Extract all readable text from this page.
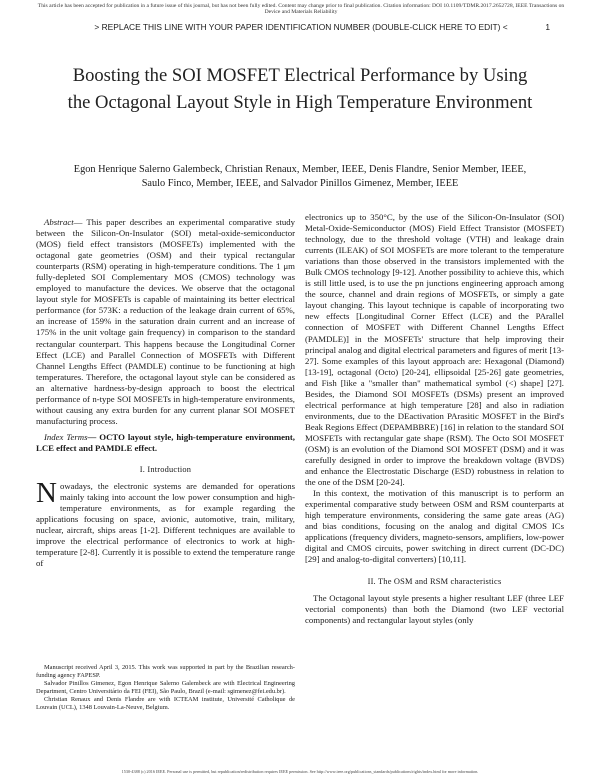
This article has been accepted for publication in a future issue of this journal, but has not been fully edited. Content may change prior to final publication. Citation information: DOI 10.1109/TDMR.2017.2652728, IEEE Transactions on Device and Materials Reliability
> REPLACE THIS LINE WITH YOUR PAPER IDENTIFICATION NUMBER (DOUBLE-CLICK HERE TO EDIT) <	1
Boosting the SOI MOSFET Electrical Performance by Using the Octagonal Layout Style in High Temperature Environment
Egon Henrique Salerno Galembeck, Christian Renaux, Member, IEEE, Denis Flandre, Senior Member, IEEE, Saulo Finco, Member, IEEE, and Salvador Pinillos Gimenez, Member, IEEE

Abstract— This paper describes an experimental comparative study between the Silicon-On-Insulator (SOI) metal-oxide-semiconductor (MOS) field effect transistors (MOSFETs) implemented with the octagonal gate geometries (OSM) and their typical rectangular counterparts (RSM) operating in high-temperature conditions. The 1 μm fully-depleted SOI Complementary MOS (CMOS) technology was employed to manufacture the devices. We observe that the octagonal layout style for MOSFETs is capable of maintaining its better electrical performance (for 573K: a reduction of the leakage drain current of 65%, an increase of 159% in the saturation drain current and an increase of 175% in the unit voltage gain frequency) in comparison to the standard rectangular counterpart. This happens because the Longitudinal Corner Effect (LCE) and Parallel Connection of MOSFETs with Different Channel Lengths Effect (PAMDLE) continue to be functioning at high temperatures. Therefore, the octagonal layout style can be considered as an alternative hardness-by-design approach to boost the electrical performance of n-type SOI MOSFETs in high-temperature environments, without causing any extra burden for any current planar SOI MOSFET manufacturing process.

Index Terms— OCTO layout style, high-temperature environment, LCE effect and PAMDLE effect.

I. Introduction

Nowadays, the electronic systems are demanded for operations mainly taking into account the low power consumption and high-temperature environments, as for example regarding the applications focusing on space, avionic, automotive, train, military, nuclear, aircraft, ships areas [1-2]. Different techniques are available to improve the electrical performance of electronics to work at high-temperature [2-8]. Currently it is possible to extend the temperature range of

Manuscript received April 3, 2015. This work was supported in part by the Brazilian research-funding agency FAPESP.

Salvador Pinillos Gimenez, Egon Henrique Salerno Galembeck are with Electrical Engineering Department, Centro Universitário da FEI (FEI), São Paulo, Brazil (e-mail: sgimenez@fei.edu.br).

Christian Renaux and Denis Flandre are with ICTEAM institute, Université Catholique de Louvain (UCL), 1348 Louvain-La-Neuve, Belgium.

electronics up to 350°C, by the use of the Silicon-On-Insulator (SOI) Metal-Oxide-Semiconductor (MOS) Field Effect Transistor (MOSFET) technology, due to the threshold voltage (VTH) and leakage drain currents (ILEAK) of SOI MOSFETs are more tolerant to the temperature variations than those observed in the transistors implemented with the Bulk CMOS technology [9-12]. Another possibility to achieve this, which is still little used, is to use the pn junctions engineering approach among the source, channel and drain regions of MOSFETs, or simply a gate layout changing. This layout technique is capable of incorporating two new effects [Longitudinal Corner Effect (LCE) and the PArallel connection of MOSFET with Different Channel Lengths Effect (PAMDLE)] in the MOSFETs' structure that help improving their principal analog and digital electrical parameters and figures of merit [13-27]. Some examples of this layout approach are: Hexagonal (Diamond) [13-19], octagonal (Octo) [20-24], ellipsoidal [25-26] gate geometries, and Fish [like a "smaller than" mathematical symbol (<) shape] [27]. Besides, the Diamond SOI MOSFETs (DSMs) present an improved electrical performance at high temperature [28] and also in radiation environments, due to the DEactivation PArasitic MOSFET in the Bird's Beak Regions Effect (DEPAMBBRE) [16] in relation to the standard SOI MOSFETs with rectangular gate shape (RSM). The Octo SOI MOSFET (OSM) is an evolution of the Diamond SOI MOSFET (DSM) and it was carefully designed in order to improve the breakdown voltage (BVDS) and enhance the Electrostatic Discharge (ESD) robustness in relation to the one of the DSM [20-24].

In this context, the motivation of this manuscript is to perform an experimental comparative study between OSM and RSM counterparts at high temperature environments, considering the same gate areas (AG) and bias conditions, focusing on the analog and digital CMOS ICs applications (frequency dividers, magneto-sensors, amplifiers, low-power digital and CMOS circuits, power switching in direct current (DC-DC) [29] and analog-to-digital converters) [10,11].

II. The OSM and RSM characteristics

The Octagonal layout style presents a higher resultant LEF (three LEF vectorial components) than both the Diamond (two LEF vectorial components) and rectangular layout styles (only

1530-4388 (c) 2016 IEEE. Personal use is permitted, but republication/redistribution requires IEEE permission. See http://www.ieee.org/publications_standards/publications/rights/index.html for more information.
